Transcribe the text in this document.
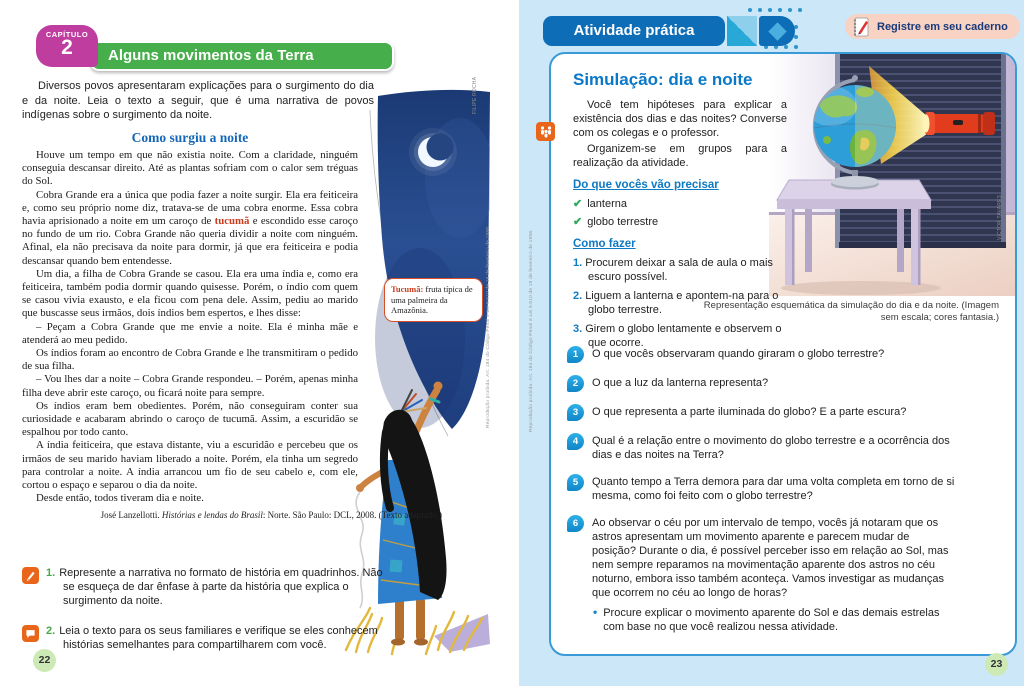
CAPÍTULO
2	Alguns movimentos da Terra

Diversos povos apresentaram explicações para o surgimento do dia e da noite. Leia o texto a seguir, que é uma narrativa de povos indígenas sobre o surgimento da noite.

Como surgiu a noite

Houve um tempo em que não existia noite. Com a claridade, ninguém conseguia descansar direito. Até as plantas sofriam com o calor sem tréguas do Sol.

Cobra Grande era a única que podia fazer a noite surgir. Ela era feiticeira e, como seu próprio nome diz, tratava-se de uma cobra enorme. Essa cobra havia aprisionado a noite em um caroço de tucumã e escondido esse caroço no fundo de um rio. Cobra Grande não queria dividir a noite com ninguém. Afinal, ela não precisava da noite para dormir, já que era feiticeira e podia descansar quando bem entendesse.

Um dia, a filha de Cobra Grande se casou. Ela era uma índia e, como era feiticeira, também podia dormir quando quisesse. Porém, o índio com quem se casou vivia exausto, e ela ficou com pena dele. Assim, pediu ao marido que buscasse seus irmãos, dois índios bem espertos, e lhes disse:

– Peçam a Cobra Grande que me envie a noite. Ela é minha mãe e atenderá ao meu pedido.

Os índios foram ao encontro de Cobra Grande e lhe transmitiram o pedido de sua filha.

– Vou lhes dar a noite – Cobra Grande respondeu. – Porém, apenas minha filha deve abrir este caroço, ou ficará noite para sempre.

Os índios eram bem obedientes. Porém, não conseguiram conter sua curiosidade e acabaram abrindo o caroço de tucumã. Assim, a escuridão se espalhou por todo canto.

A índia feiticeira, que estava distante, viu a escuridão e percebeu que os irmãos de seu marido haviam liberado a noite. Porém, ela tinha um segredo para controlar a noite. A índia arrancou um fio de seu cabelo e, com ele, cortou o espaço e separou o dia da noite.

Desde então, todos tiveram dia e noite.

José Lanzellotti. Histórias e lendas do Brasil: Norte. São Paulo: DCL, 2008. (Texto adaptado.)
Tucumã: fruta típica de uma palmeira da Amazônia.
1. Represente a narrativa no formato de história em quadrinhos. Não se esqueça de dar ênfase à parte da história que explica o surgimento da noite.
2. Leia o texto para os seus familiares e verifique se eles conhecem histórias semelhantes para compartilharem com você.
22
FILIPE ROCHA
Reprodução proibida. Art. 184 do Código Penal e Lei 9.610 de 19 de fevereiro de 1998.
Atividade prática	Registre em seu caderno
Simulação: dia e noite

Você tem hipóteses para explicar a existência dos dias e das noites? Converse com os colegas e o professor.

Organizem-se em grupos para a realização da atividade.

Do que vocês vão precisar
✔ lanterna
✔ globo terrestre
Como fazer
1. Procurem deixar a sala de aula o mais escuro possível.
2. Liguem a lanterna e apontem-na para o globo terrestre.
3. Girem o globo lentamente e observem o que ocorre.
Representação esquemática da simulação do dia e da noite. (Imagem sem escala; cores fantasia.)
1	O que vocês observaram quando giraram o globo terrestre?
2	O que a luz da lanterna representa?
3	O que representa a parte iluminada do globo? E a parte escura?
4	Qual é a relação entre o movimento do globo terrestre e a ocorrência dos dias e das noites na Terra?
5	Quanto tempo a Terra demora para dar uma volta completa em torno de si mesma, como foi feito com o globo terrestre?
6	Ao observar o céu por um intervalo de tempo, vocês já notaram que os astros apresentam um movimento aparente e parecem mudar de posição? Durante o dia, é possível perceber isso em relação ao Sol, mas nem sempre reparamos na movimentação aparente dos astros no céu noturno, embora isso também aconteça. Vamos investigar as mudanças que ocorrem no céu ao longo de horas?
• Procure explicar o movimento aparente do Sol e das demais estrelas com base no que você realizou nessa atividade.
23
Reprodução proibida. Art. 184 do Código Penal e Lei 9.610 de 19 de fevereiro de 1998.
VICTOR TAVARES
